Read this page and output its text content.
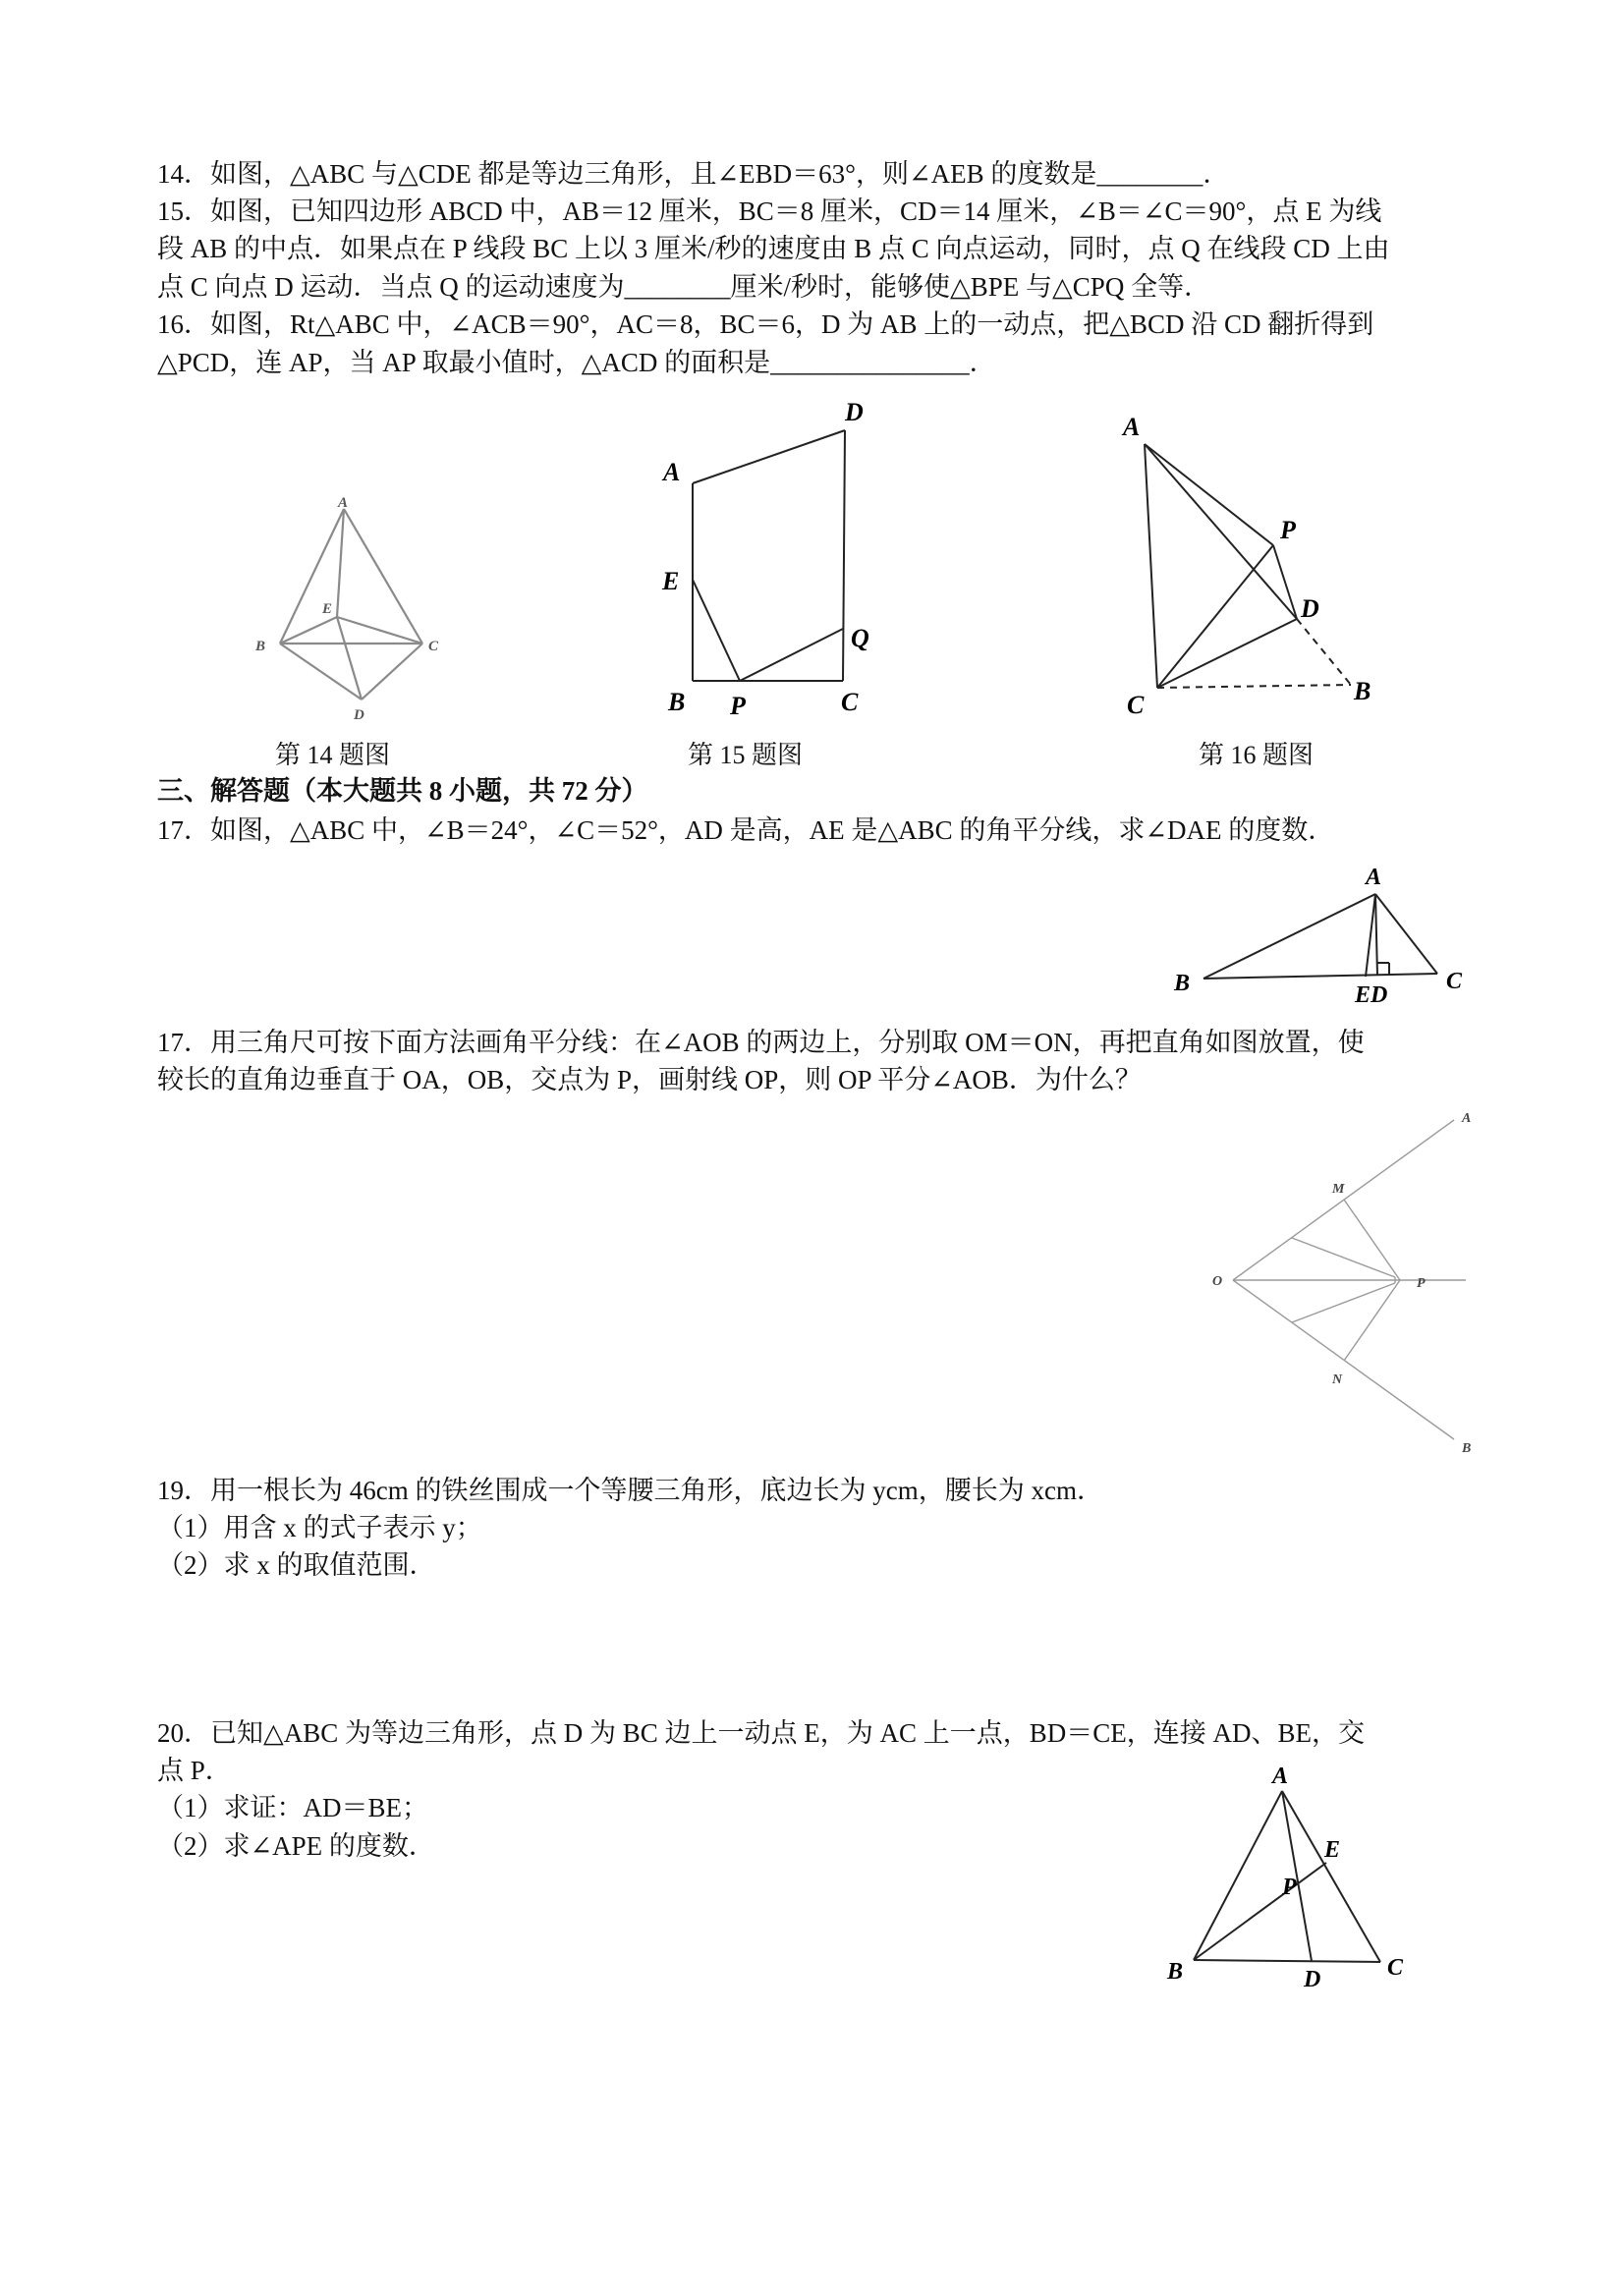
14．如图，△ABC 与△CDE 都是等边三角形，且∠EBD＝63°，则∠AEB 的度数是________．
15．如图，已知四边形 ABCD 中，AB＝12 厘米，BC＝8 厘米，CD＝14 厘米，∠B＝∠C＝90°，点 E 为线
段 AB 的中点．如果点在 P 线段 BC 上以 3 厘米/秒的速度由 B 点 C 向点运动，同时，点 Q 在线段 CD 上由
点 C 向点 D 运动．当点 Q 的运动速度为________厘米/秒时，能够使△BPE 与△CPQ 全等．
16．如图，Rt△ABC 中，∠ACB＝90°，AC＝8，BC＝6，D 为 AB 上的一动点，把△BCD 沿 CD 翻折得到
△PCD，连 AP，当 AP 取最小值时，△ACD 的面积是_______________．
A
B	C
E
D
D
A
E
Q
B P	C
A
P
D
C	B
第 14 题图	第 15 题图	第 16 题图
三、解答题（本大题共 8 小题，共 72 分）
17．如图，△ABC 中，∠B＝24°，∠C＝52°，AD 是高，AE 是△ABC 的角平分线，求∠DAE 的度数．
A
B	C
ED
17．用三角尺可按下面方法画角平分线：在∠AOB 的两边上，分别取 OM＝ON，再把直角如图放置，使
较长的直角边垂直于 OA，OB，交点为 P，画射线 OP，则 OP 平分∠AOB．为什么？
A
B
M
N
O	P
19．用一根长为 46cm 的铁丝围成一个等腰三角形，底边长为 ycm，腰长为 xcm．
（1）用含 x 的式子表示 y；
（2）求 x 的取值范围．
20．已知△ABC 为等边三角形，点 D 为 BC 边上一动点 E，为 AC 上一点，BD＝CE，连接 AD、BE，交
点 P．
（1）求证：AD＝BE；
（2）求∠APE 的度数．
A
E
P
B	D	C
